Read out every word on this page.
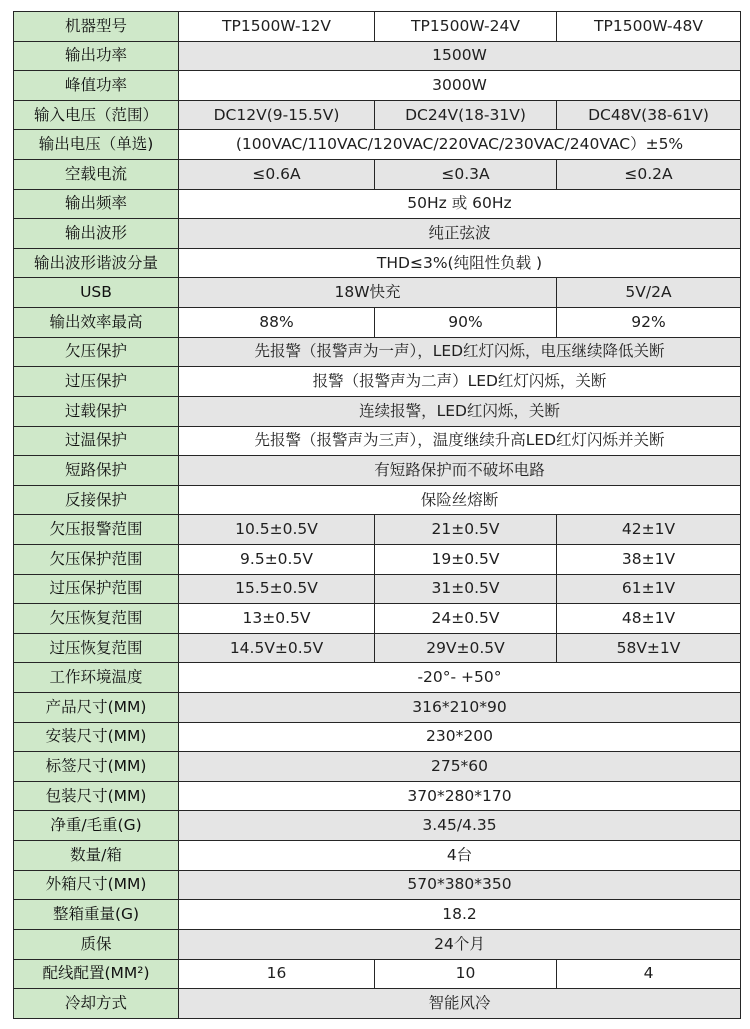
机器型号	TP1500W-12V	TP1500W-24V	TP1500W-48V
输出功率	1500W		
峰值功率	3000W		
输入电压（范围）	DC12V(9-15.5V)	DC24V(18-31V)	DC48V(38-61V)
输出电压（单选)	(100VAC/110VAC/120VAC/220VAC/230VAC/240VAC）±5%		
空载电流	≤0.6A	≤0.3A	≤0.2A
输出频率	50Hz 或 60Hz		
输出波形	纯正弦波		
输出波形谐波分量	THD≤3%(纯阻性负载 )		
USB	18W快充		5V/2A
输出效率最高	88%	90%	92%
欠压保护	先报警（报警声为一声），LED红灯闪烁，电压继续降低关断		
过压保护	报警（报警声为二声）LED红灯闪烁，关断		
过载保护	连续报警，LED红闪烁，关断		
过温保护	先报警（报警声为三声），温度继续升高LED红灯闪烁并关断		
短路保护	有短路保护而不破坏电路		
反接保护	保险丝熔断		
欠压报警范围	10.5±0.5V	21±0.5V	42±1V
欠压保护范围	9.5±0.5V	19±0.5V	38±1V
过压保护范围	15.5±0.5V	31±0.5V	61±1V
欠压恢复范围	13±0.5V	24±0.5V	48±1V
过压恢复范围	14.5V±0.5V	29V±0.5V	58V±1V
工作环境温度	-20°- +50°		
产品尺寸(MM)	316*210*90		
安装尺寸(MM)	230*200		
标签尺寸(MM)	275*60		
包装尺寸(MM)	370*280*170		
净重/毛重(G)	3.45/4.35		
数量/箱	4台		
外箱尺寸(MM)	570*380*350		
整箱重量(G)	18.2		
质保	24个月		
配线配置(MM²)	16	10	4
冷却方式	智能风冷		
